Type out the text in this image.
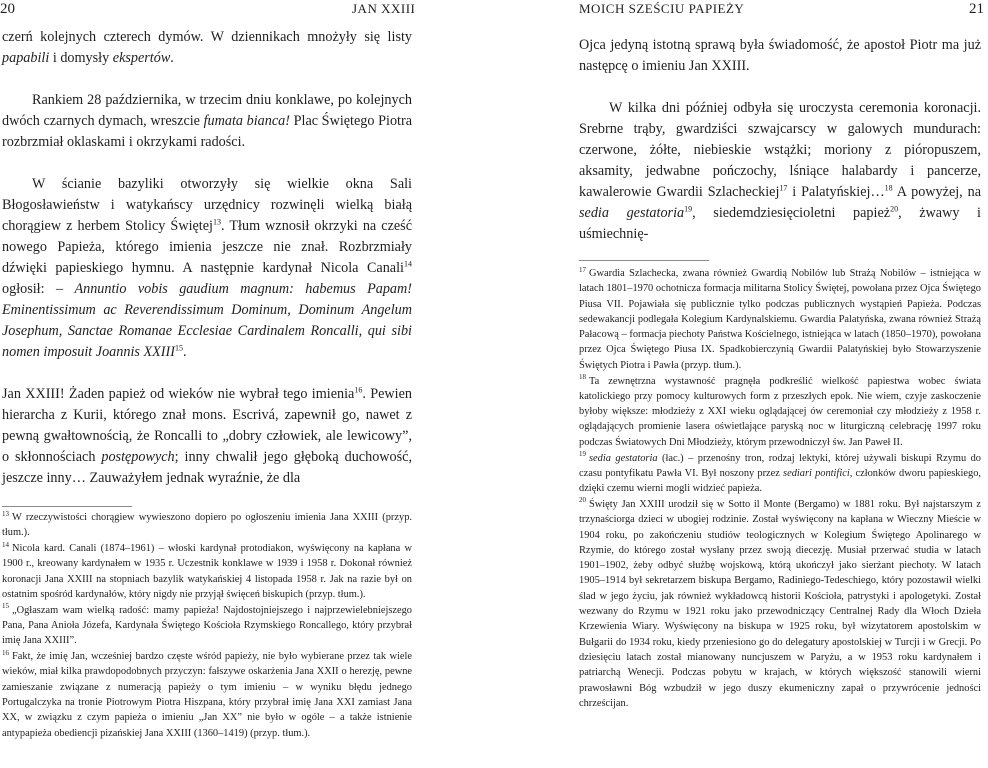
20	JAN XXIII

czerń kolejnych czterech dymów. W dziennikach mnożyły się listy papabili i domysły ekspertów.

Rankiem 28 października, w trzecim dniu konklawe, po kolejnych dwóch czarnych dymach, wreszcie fumata bianca! Plac Świętego Piotra rozbrzmiał oklaskami i okrzykami radości.

W ścianie bazyliki otworzyły się wielkie okna Sali Błogosławieństw i watykańscy urzędnicy rozwinęli wielką białą chorągiew z herbem Stolicy Świętej$^{13}$. Tłum wznosił okrzyki na cześć nowego Papieża, którego imienia jeszcze nie znał. Rozbrzmiały dźwięki papieskiego hymnu. A następnie kardynał Nicola Canali$^{14}$ ogłosił: – Annuntio vobis gaudium magnum: habemus Papam! Eminentissimum ac Reverendissimum Dominum, Dominum Angelum Josephum, Sanctae Romanae Ecclesiae Cardinalem Roncalli, qui sibi nomen imposuit Joannis XXIII$^{15}$.

Jan XXIII! Żaden papież od wieków nie wybrał tego imienia$^{16}$. Pewien hierarcha z Kurii, którego znał mons. Escrivá, zapewnił go, nawet z pewną gwałtownością, że Roncalli to „dobry człowiek, ale lewicowy”, o skłonnościach postępowych; inny chwalił jego głęboką duchowość, jeszcze inny… Zauważyłem jednak wyraźnie, że dla

$^{13}$ W rzeczywistości chorągiew wywieszono dopiero po ogłoszeniu imienia Jana XXIII (przyp. tłum.).

$^{14}$ Nicola kard. Canali (1874–1961) – włoski kardynał protodiakon, wyświęcony na kapłana w 1900 r., kreowany kardynałem w 1935 r. Uczestnik konklawe w 1939 i 1958 r. Dokonał również koronacji Jana XXIII na stopniach bazylik watykańskiej 4 listopada 1958 r. Jak na razie był on ostatnim spośród kardynałów, który nigdy nie przyjął święceń biskupich (przyp. tłum.).

$^{15}$ „Ogłaszam wam wielką radość: mamy papieża! Najdostojniejszego i najprzewielebniejszego Pana, Pana Anioła Józefa, Kardynała Świętego Kościoła Rzymskiego Roncallego, który przybrał imię Jana XXIII”.

$^{16}$ Fakt, że imię Jan, wcześniej bardzo częste wśród papieży, nie było wybierane przez tak wiele wieków, miał kilka prawdopodobnych przyczyn: fałszywe oskarżenia Jana XXII o herezję, pewne zamieszanie związane z numeracją papieży o tym imieniu – w wyniku błędu jednego Portugalczyka na tronie Piotrowym Piotra Hiszpana, który przybrał imię Jana XXI zamiast Jana XX, w związku z czym papieża o imieniu „Jan XX” nie było w ogóle – a także istnienie antypapieża obediencji pizańskiej Jana XXIII (1360–1419) (przyp. tłum.).

MOICH SZEŚCIU PAPIEŻY	21

Ojca jedyną istotną sprawą była świadomość, że apostoł Piotr ma już następcę o imieniu Jan XXIII.

W kilka dni później odbyła się uroczysta ceremonia koronacji. Srebrne trąby, gwardziści szwajcarscy w galowych mundurach: czerwone, żółte, niebieskie wstążki; moriony z pióropuszem, aksamity, jedwabne pończochy, lśniące halabardy i pancerze, kawalerowie Gwardii Szlacheckiej$^{17}$ i Palatyńskiej…$^{18}$ A powyżej, na sedia gestatoria$^{19}$, siedemdziesięcioletni papież$^{20}$, żwawy i uśmiechnię-

$^{17}$ Gwardia Szlachecka, zwana również Gwardią Nobilów lub Strażą Nobilów – istniejąca w latach 1801–1970 ochotnicza formacja militarna Stolicy Świętej, powołana przez Ojca Świętego Piusa VII. Pojawiała się publicznie tylko podczas publicznych wystąpień Papieża. Podczas sedewakancji podlegała Kolegium Kardynalskiemu. Gwardia Palatyńska, zwana również Strażą Pałacową – formacja piechoty Państwa Kościelnego, istniejąca w latach (1850–1970), powołana przez Ojca Świętego Piusa IX. Spadkobierczynią Gwardii Palatyńskiej było Stowarzyszenie Świętych Piotra i Pawła (przyp. tłum.).

$^{18}$ Ta zewnętrzna wystawność pragnęła podkreślić wielkość papiestwa wobec świata katolickiego przy pomocy kulturowych form z przeszłych epok. Nie wiem, czyje zaskoczenie byłoby większe: młodzieży z XXI wieku oglądającej ów ceremoniał czy młodzieży z 1958 r. oglądających promienie lasera oświetlające paryską noc w liturgiczną celebrację 1997 roku podczas Światowych Dni Młodzieży, którym przewodniczył św. Jan Paweł II.

$^{19}$ sedia gestatoria (łac.) – przenośny tron, rodzaj lektyki, której używali biskupi Rzymu do czasu pontyfikatu Pawła VI. Był noszony przez sediari pontifici, członków dworu papieskiego, dzięki czemu wierni mogli widzieć papieża.

$^{20}$ Święty Jan XXIII urodził się w Sotto il Monte (Bergamo) w 1881 roku. Był najstarszym z trzynaściorga dzieci w ubogiej rodzinie. Został wyświęcony na kapłana w Wieczny Mieście w 1904 roku, po zakończeniu studiów teologicznych w Kolegium Świętego Apolinarego w Rzymie, do którego został wysłany przez swoją diecezję. Musiał przerwać studia w latach 1901–1902, żeby odbyć służbę wojskową, którą ukończył jako sierżant piechoty. W latach 1905–1914 był sekretarzem biskupa Bergamo, Radiniego-Tedeschiego, który pozostawił wielki ślad w jego życiu, jak również wykładowcą historii Kościoła, patrystyki i apologetyki. Został wezwany do Rzymu w 1921 roku jako przewodniczący Centralnej Rady dla Włoch Dzieła Krzewienia Wiary. Wyświęcony na biskupa w 1925 roku, był wizytatorem apostolskim w Bułgarii do 1934 roku, kiedy przeniesiono go do delegatury apostolskiej w Turcji i w Grecji. Po dziesięciu latach został mianowany nuncjuszem w Paryżu, a w 1953 roku kardynałem i patriarchą Wenecji. Podczas pobytu w krajach, w których większość stanowili wierni prawosławni Bóg wzbudził w jego duszy ekumeniczny zapał o przywrócenie jedności chrześcijan.
